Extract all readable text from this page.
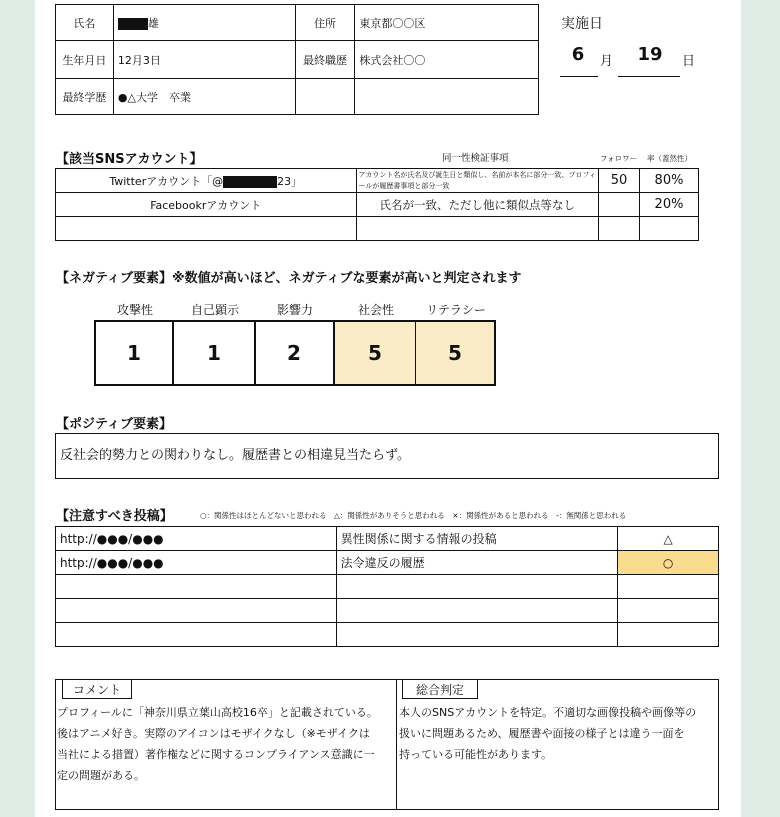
氏名	雄	住所	東京都〇〇区
生年月日	12月3日	最終職歴	株式会社〇〇
最終学歴	●△大学　卒業		
実施日
6	月	19	日
【該当SNSアカウント】	同一性検証事項	フォロワー 率（蓋然性）
Twitterアカウント「@ 23」	アカウント名が氏名及び誕生日と類似し、名前が本名に部分一致、プロフィールが履歴書事項と部分一致	50	80%
Facebookrアカウント	氏名が一致、ただし他に類似点等なし		20%

【ネガティブ要素】※数値が高いほど、ネガティブな要素が高いと判定されます
攻撃性	自己顕示	影響力	社会性	リテラシー
1	1	2	5	5
【ポジティブ要素】
反社会的勢力との関わりなし。履歴書との相違見当たらず。
【注意すべき投稿】	○：関係性はほとんどないと思われる　△：関係性がありそうと思われる　×：関係性があると思われる　-：無関係と思われる
http://●●●/●●●	異性関係に関する情報の投稿	△
http://●●●/●●●	法令違反の履歴	○

コメント
プロフィールに「神奈川県立葉山高校16卒」と記載されている。
後はアニメ好き。実際のアイコンはモザイクなし（※モザイクは
当社による措置）著作権などに関するコンプライアンス意識に一
定の問題がある。
総合判定
本人のSNSアカウントを特定。不適切な画像投稿や画像等の
扱いに問題あるため、履歴書や面接の様子とは違う一面を
持っている可能性があります。
